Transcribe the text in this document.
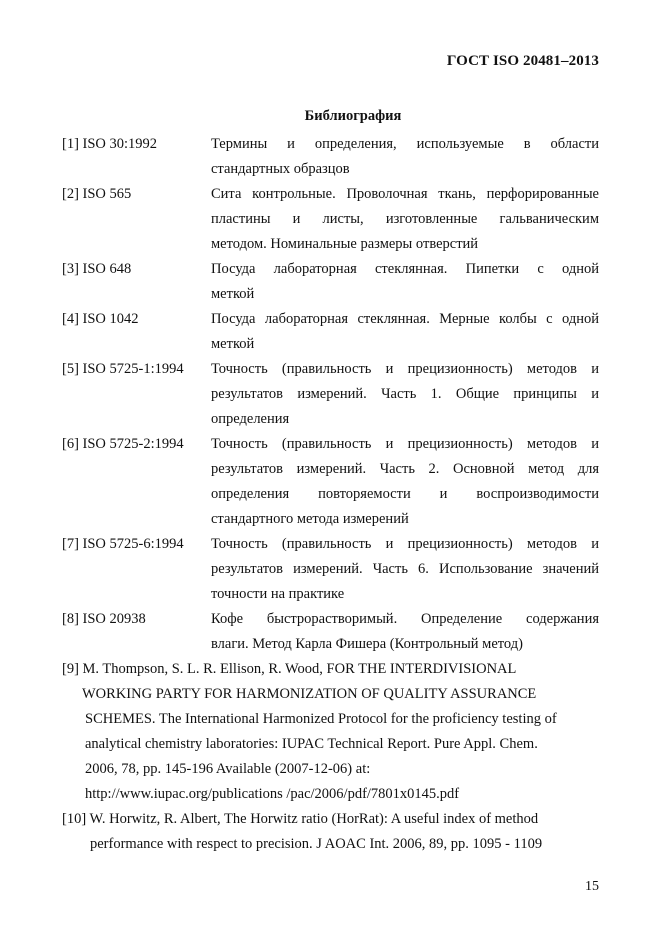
ГОСТ ISO 20481–2013
Библиография
[1] ISO 30:1992	Термины и определения, используемые в области
стандартных образцов
[2] ISO 565	Сита контрольные. Проволочная ткань, перфорированные
пластины и листы, изготовленные гальваническим
методом. Номинальные размеры отверстий
[3] ISO 648	Посуда лабораторная стеклянная. Пипетки с одной
меткой
[4] ISO 1042	Посуда лабораторная стеклянная. Мерные колбы с одной
меткой
[5] ISO 5725-1:1994	Точность (правильность и прецизионность) методов и
результатов измерений. Часть 1. Общие принципы и
определения
[6] ISO 5725-2:1994	Точность (правильность и прецизионность) методов и
результатов измерений. Часть 2. Основной метод для
определения повторяемости и воспроизводимости
стандартного метода измерений
[7] ISO 5725-6:1994	Точность (правильность и прецизионность) методов и
результатов измерений. Часть 6. Использование значений
точности на практике
[8] ISO 20938	Кофе быстрорастворимый. Определение содержания
влаги. Метод Карла Фишера (Контрольный метод)
[9] M. Thompson, S. L. R. Ellison, R. Wood, FOR THE INTERDIVISIONAL
WORKING PARTY FOR HARMONIZATION OF QUALITY ASSURANCE
SCHEMES. The International Harmonized Protocol for the proficiency testing of
analytical chemistry laboratories: IUPAC Technical Report. Pure Appl. Chem.
2006, 78, pp. 145-196 Available (2007-12-06) at:
http://www.iupac.org/publications /pac/2006/pdf/7801x0145.pdf
[10] W. Horwitz, R. Albert, The Horwitz ratio (HorRat): A useful index of method
performance with respect to precision. J AOAC Int. 2006, 89, pp. 1095 - 1109
15
